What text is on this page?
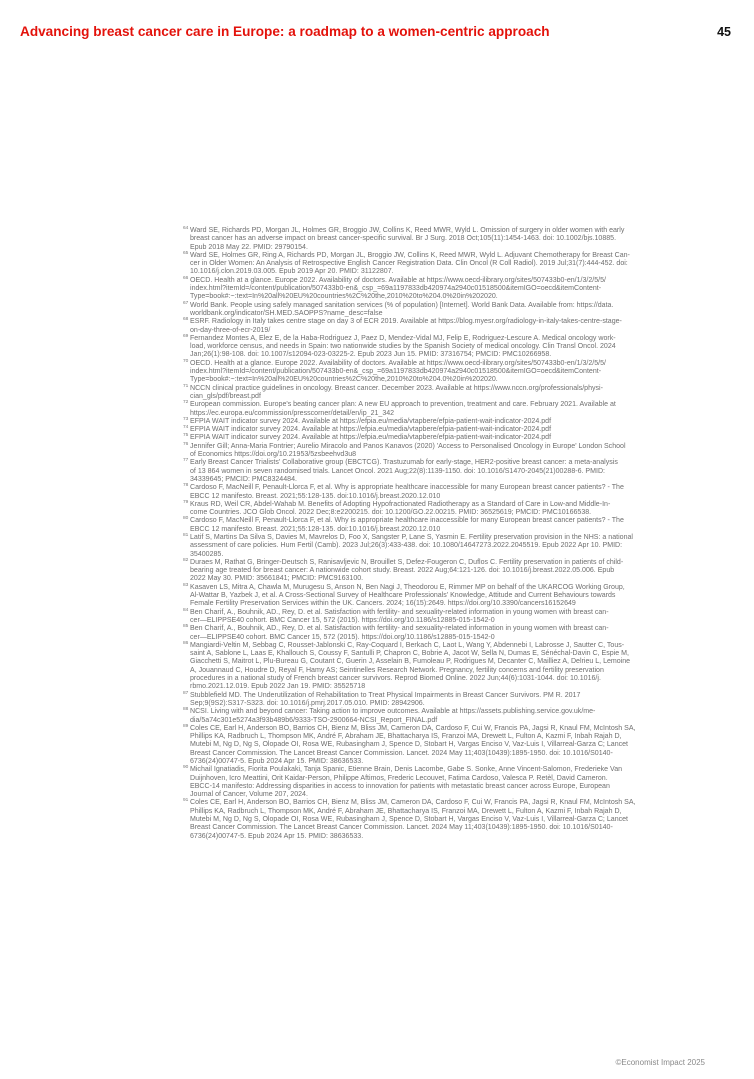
Advancing breast cancer care in Europe: a roadmap to a women-centric approach	45
64 Ward SE, Richards PD, Morgan JL, Holmes GR, Broggio JW, Collins K, Reed MWR, Wyld L. Omission of surgery in older women with early
breast cancer has an adverse impact on breast cancer-specific survival. Br J Surg. 2018 Oct;105(11):1454-1463. doi: 10.1002/bjs.10885.
Epub 2018 May 22. PMID: 29790154.
65 Ward SE, Holmes GR, Ring A, Richards PD, Morgan JL, Broggio JW, Collins K, Reed MWR, Wyld L. Adjuvant Chemotherapy for Breast Can-
cer in Older Women: An Analysis of Retrospective English Cancer Registration Data. Clin Oncol (R Coll Radiol). 2019 Jul;31(7):444-452. doi:
10.1016/j.clon.2019.03.005. Epub 2019 Apr 20. PMID: 31122807.
66 OECD. Health at a glance. Europe 2022. Availability of doctors. Available at https://www.oecd-ilibrary.org/sites/507433b0-en/1/3/2/5/5/
index.html?itemId=/content/publication/507433b0-en&_csp_=69a1197833db420974a2940c01518500&itemIGO=oecd&itemContent-
Type=book#:~:text=In%20all%20EU%20countries%2C%20the,2010%20to%204.0%20in%202020.
67 World Bank. People using safely managed sanitation services (% of population) [Internet]. World Bank Data. Available from: https://data.
worldbank.org/indicator/SH.MED.SAOPPS?name_desc=false
68 ESRF. Radiology in Italy takes centre stage on day 3 of ECR 2019. Available at https://blog.myesr.org/radiology-in-italy-takes-centre-stage-
on-day-three-of-ecr-2019/
69 Fernandez Montes A, Elez E, de la Haba-Rodriguez J, Paez D, Mendez-Vidal MJ, Felip E, Rodriguez-Lescure A. Medical oncology work-
load, workforce census, and needs in Spain: two nationwide studies by the Spanish Society of medical oncology. Clin Transl Oncol. 2024
Jan;26(1):98-108. doi: 10.1007/s12094-023-03225-2. Epub 2023 Jun 15. PMID: 37316754; PMCID: PMC10266958.
70 OECD. Health at a glance. Europe 2022. Availability of doctors. Available at https://www.oecd-ilibrary.org/sites/507433b0-en/1/3/2/5/5/
index.html?itemId=/content/publication/507433b0-en&_csp_=69a1197833db420974a2940c01518500&itemIGO=oecd&itemContent-
Type=book#:~:text=In%20all%20EU%20countries%2C%20the,2010%20to%204.0%20in%202020.
71 NCCN clinical practice guidelines in oncology. Breast cancer. December 2023. Available at https://www.nccn.org/professionals/physi-
cian_gls/pdf/breast.pdf
72 European commission. Europe's beating cancer plan: A new EU approach to prevention, treatment and care. February 2021. Available at
https://ec.europa.eu/commission/presscorner/detail/en/ip_21_342
73 EFPIA WAIT indicator survey 2024. Available at https://efpia.eu/media/vtapbere/efpia-patient-wait-indicator-2024.pdf
74 EFPIA WAIT indicator survey 2024. Available at https://efpia.eu/media/vtapbere/efpia-patient-wait-indicator-2024.pdf
75 EFPIA WAIT indicator survey 2024. Available at https://efpia.eu/media/vtapbere/efpia-patient-wait-indicator-2024.pdf
76 Jennifer Gill; Anna-Maria Fontrier; Aurelio Miracolo and Panos Kanavos (2020) 'Access to Personalised Oncology in Europe' London School
of Economics https://doi.org/10.21953/5zsbeehvd3u8
77 Early Breast Cancer Trialists' Collaborative group (EBCTCG). Trastuzumab for early-stage, HER2-positive breast cancer: a meta-analysis
of 13 864 women in seven randomised trials. Lancet Oncol. 2021 Aug;22(8):1139-1150. doi: 10.1016/S1470-2045(21)00288-6. PMID:
34339645; PMCID: PMC8324484.
78 Cardoso F, MacNeill F, Penault-Llorca F, et al. Why is appropriate healthcare inaccessible for many European breast cancer patients? - The
EBCC 12 manifesto. Breast. 2021;55:128-135. doi:10.1016/j.breast.2020.12.010
79 Kraus RD, Weil CR, Abdel-Wahab M. Benefits of Adopting Hypofractionated Radiotherapy as a Standard of Care in Low-and Middle-In-
come Countries. JCO Glob Oncol. 2022 Dec;8:e2200215. doi: 10.1200/GO.22.00215. PMID: 36525619; PMCID: PMC10166538.
80 Cardoso F, MacNeill F, Penault-Llorca F, et al. Why is appropriate healthcare inaccessible for many European breast cancer patients? - The
EBCC 12 manifesto. Breast. 2021;55:128-135. doi:10.1016/j.breast.2020.12.010
81 Latif S, Martins Da Silva S, Davies M, Mavrelos D, Foo X, Sangster P, Lane S, Yasmin E. Fertility preservation provision in the NHS: a national
assessment of care policies. Hum Fertil (Camb). 2023 Jul;26(3):433-438. doi: 10.1080/14647273.2022.2045519. Epub 2022 Apr 10. PMID:
35400285.
82 Duraes M, Rathat G, Bringer-Deutsch S, Ranisavljevic N, Brouillet S, Defez-Fougeron C, Duflos C. Fertility preservation in patients of child-
bearing age treated for breast cancer: A nationwide cohort study. Breast. 2022 Aug;64:121-126. doi: 10.1016/j.breast.2022.05.006. Epub
2022 May 30. PMID: 35661841; PMCID: PMC9163100.
83 Kasaven LS, Mitra A, Chawla M, Murugesu S, Anson N, Ben Nagi J, Theodorou E, Rimmer MP on behalf of the UKARCOG Working Group,
Al-Wattar B, Yazbek J, et al. A Cross-Sectional Survey of Healthcare Professionals' Knowledge, Attitude and Current Behaviours towards
Female Fertility Preservation Services within the UK. Cancers. 2024; 16(15):2649. https://doi.org/10.3390/cancers16152649
84 Ben Charif, A., Bouhnik, AD., Rey, D. et al. Satisfaction with fertility- and sexuality-related information in young women with breast can-
cer—ELIPPSE40 cohort. BMC Cancer 15, 572 (2015). https://doi.org/10.1186/s12885-015-1542-0
85 Ben Charif, A., Bouhnik, AD., Rey, D. et al. Satisfaction with fertility- and sexuality-related information in young women with breast can-
cer—ELIPPSE40 cohort. BMC Cancer 15, 572 (2015). https://doi.org/10.1186/s12885-015-1542-0
86 Mangiardi-Veltin M, Sebbag C, Rousset-Jablonski C, Ray-Coquard I, Berkach C, Laot L, Wang Y, Abdennebi I, Labrosse J, Sautter C, Tous-
saint A, Sablone L, Laas E, Khallouch S, Coussy F, Santulli P, Chapron C, Bobrie A, Jacot W, Sella N, Dumas E, Sénéchal-Davin C, Espie M,
Giacchetti S, Maitrot L, Plu-Bureau G, Coutant C, Guerin J, Asselain B, Fumoleau P, Rodrigues M, Decanter C, Mailliez A, Delrieu L, Lemoine
A, Jouannaud C, Houdre D, Reyal F, Hamy AS; Seintinelles Research Network. Pregnancy, fertility concerns and fertility preservation
procedures in a national study of French breast cancer survivors. Reprod Biomed Online. 2022 Jun;44(6):1031-1044. doi: 10.1016/j.
rbmo.2021.12.019. Epub 2022 Jan 19. PMID: 35525718
87 Stubblefield MD. The Underutilization of Rehabilitation to Treat Physical Impairments in Breast Cancer Survivors. PM R. 2017
Sep;9(9S2):S317-S323. doi: 10.1016/j.pmrj.2017.05.010. PMID: 28942906.
88 NCSI. Living with and beyond cancer: Taking action to improve outcomes. Available at https://assets.publishing.service.gov.uk/me-
dia/5a74c301e5274a3f93b489b6/9333-TSO-2900664-NCSI_Report_FINAL.pdf
89 Coles CE, Earl H, Anderson BO, Barrios CH, Bienz M, Bliss JM, Cameron DA, Cardoso F, Cui W, Francis PA, Jagsi R, Knaul FM, McIntosh SA,
Phillips KA, Radbruch L, Thompson MK, André F, Abraham JE, Bhattacharya IS, Franzoi MA, Drewett L, Fulton A, Kazmi F, Inbah Rajah D,
Mutebi M, Ng D, Ng S, Olopade OI, Rosa WE, Rubasingham J, Spence D, Stobart H, Vargas Enciso V, Vaz-Luis I, Villarreal-Garza C; Lancet
Breast Cancer Commission. The Lancet Breast Cancer Commission. Lancet. 2024 May 11;403(10439):1895-1950. doi: 10.1016/S0140-
6736(24)00747-5. Epub 2024 Apr 15. PMID: 38636533.
90 Michail Ignatiadis, Fiorita Poulakaki, Tanja Spanic, Etienne Brain, Denis Lacombe, Gabe S. Sonke, Anne Vincent-Salomon, Frederieke Van
Duijnhoven, Icro Meattini, Orit Kaidar-Person, Philippe Aftimos, Frederic Lecouvet, Fatima Cardoso, Valesca P. Retèl, David Cameron.
EBCC-14 manifesto: Addressing disparities in access to innovation for patients with metastatic breast cancer across Europe, European
Journal of Cancer, Volume 207, 2024.
91 Coles CE, Earl H, Anderson BO, Barrios CH, Bienz M, Bliss JM, Cameron DA, Cardoso F, Cui W, Francis PA, Jagsi R, Knaul FM, McIntosh SA,
Phillips KA, Radbruch L, Thompson MK, André F, Abraham JE, Bhattacharya IS, Franzoi MA, Drewett L, Fulton A, Kazmi F, Inbah Rajah D,
Mutebi M, Ng D, Ng S, Olopade OI, Rosa WE, Rubasingham J, Spence D, Stobart H, Vargas Enciso V, Vaz-Luis I, Villarreal-Garza C; Lancet
Breast Cancer Commission. The Lancet Breast Cancer Commission. Lancet. 2024 May 11;403(10439):1895-1950. doi: 10.1016/S0140-
6736(24)00747-5. Epub 2024 Apr 15. PMID: 38636533.
©Economist Impact 2025
